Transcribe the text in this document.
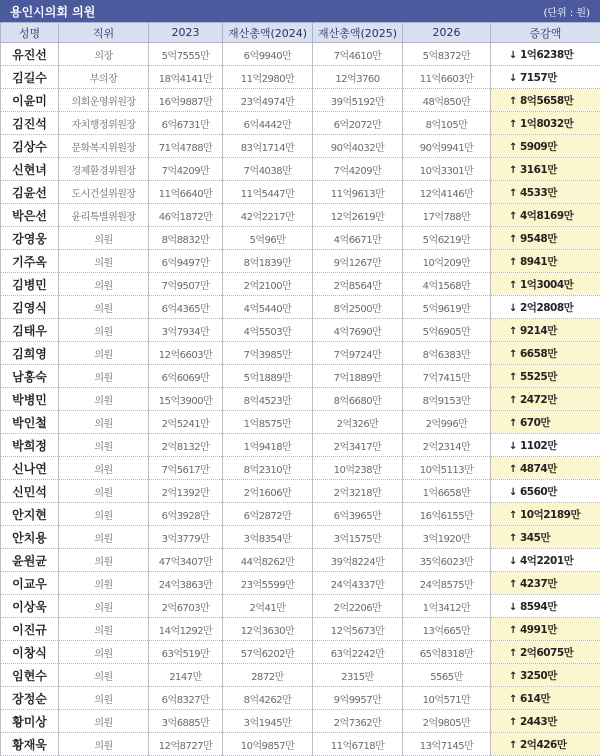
용인시의회 의원	(단위 : 원)
성명	직위	2023	재산총액(2024)	재산총액(2025)	2026	증감액
유진선	의장	5억7555만	6억9940만	7억4610만	5억8372만	↓ 1억6238만
김길수	부의장	18억4141만	11억2980만	12억3760	11억6603만	↓ 7157만
이윤미	의회운영위원장	16억9887만	23억4974만	39억5192만	48억850만	↑ 8억5658만
김진석	자치행정위원장	6억6731만	6억4442만	6억2072만	8억105만	↑ 1억8032만
김상수	문화복지위원장	71억4788만	83억1714만	90억4032만	90억9941만	↑ 5909만
신현녀	경제환경위원장	7억4209만	7억4038만	7억4209만	10억3301만	↑ 3161만
김윤선	도시건설위원장	11억6640만	11억5447만	11억9613만	12억4146만	↑ 4533만
박은선	윤리특별위원장	46억1872만	42억2217만	12억2619만	17억788만	↑ 4억8169만
강영웅	의원	8억8832만	5억96만	4억6671만	5억6219만	↑ 9548만
기주옥	의원	6억9497만	8억1839만	9억1267만	10억209만	↑ 8941만
김병민	의원	7억9507만	2억2100만	2억8564만	4억1568만	↑ 1억3004만
김영식	의원	6억4365만	4억5440만	8억2500만	5억9619만	↓ 2억2808만
김태우	의원	3억7934만	4억5503만	4억7690만	5억6905만	↑ 9214만
김희영	의원	12억6603만	7억3985만	7억9724만	8억6383만	↑ 6658만
남홍숙	의원	6억6069만	5억1889만	7억1889만	7억7415만	↑ 5525만
박병민	의원	15억3900만	8억4523만	8억6680만	8억9153만	↑ 2472만
박인철	의원	2억5241만	1억8575만	2억326만	2억996만	↑ 670만
박희정	의원	2억8132만	1억9418만	2억3417만	2억2314만	↓ 1102만
신나연	의원	7억5617만	8억2310만	10억238만	10억5113만	↑ 4874만
신민석	의원	2억1392만	2억1606만	2억3218만	1억6658만	↓ 6560만
안지현	의원	6억3928만	6억2872만	6억3965만	16억6155만	↑ 10억2189만
안치용	의원	3억3779만	3억8354만	3억1575만	3억1920만	↑ 345만
윤원균	의원	47억3407만	44억8262만	39억8224만	35억6023만	↓ 4억2201만
이교우	의원	24억3863만	23억5599만	24억4337만	24억8575만	↑ 4237만
이상욱	의원	2억6703만	2억41만	2억2206만	1억3412만	↓ 8594만
이진규	의원	14억1292만	12억3630만	12억5673만	13억665만	↑ 4991만
이창식	의원	63억519만	57억6202만	63억2242만	65억8318만	↑ 2억6075만
임현수	의원	2147만	2872만	2315만	5565만	↑ 3250만
장정순	의원	6억8327만	8억4262만	9억9957만	10억571만	↑ 614만
황미상	의원	3억6885만	3억1945만	2억7362만	2억9805만	↑ 2443만
황재욱	의원	12억8727만	10억9857만	11억6718만	13억7145만	↑ 2억426만
